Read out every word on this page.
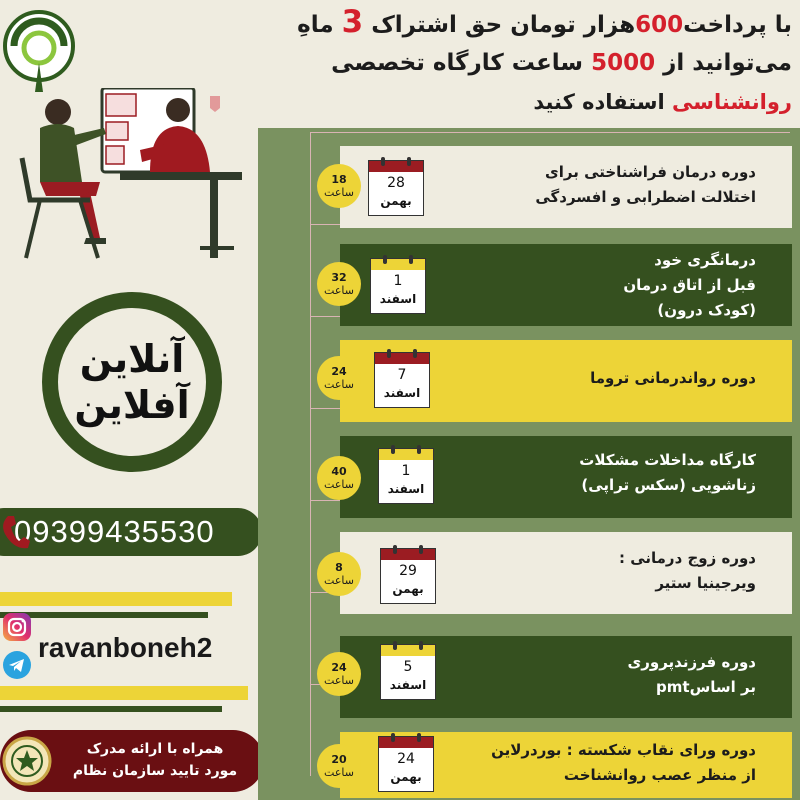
آنلاین
آفلاین
09399435530
ravanboneh2
همراه با ارائه مدرک
مورد تایید سازمان نظام
با پرداخت600هزار تومان حق اشتراک 3 ماهِ
می‌توانید از 5000 ساعت کارگاه تخصصی
روانشناسی استفاده کنید
دوره درمان فراشناختی برای
اختلالت اضطرابی و افسردگی
18
ساعت
28
بهمن
درمانگری خود
قبل از اتاق درمان
(کودک درون)
32
ساعت
1
اسفند
دوره رواندرمانی تروما
24
ساعت
7
اسفند
کارگاه مداخلات مشکلات
زناشویی (سکس تراپی)
40
ساعت
1
اسفند
دوره زوج درمانی :
ویرجینیا ستیر
8
ساعت
29
بهمن
دوره فرزندپروری
بر اساسpmt
24
ساعت
5
اسفند
دوره ورای نقاب شکسته : بوردرلاین
از منظر عصب روانشناخت
20
ساعت
24
بهمن
